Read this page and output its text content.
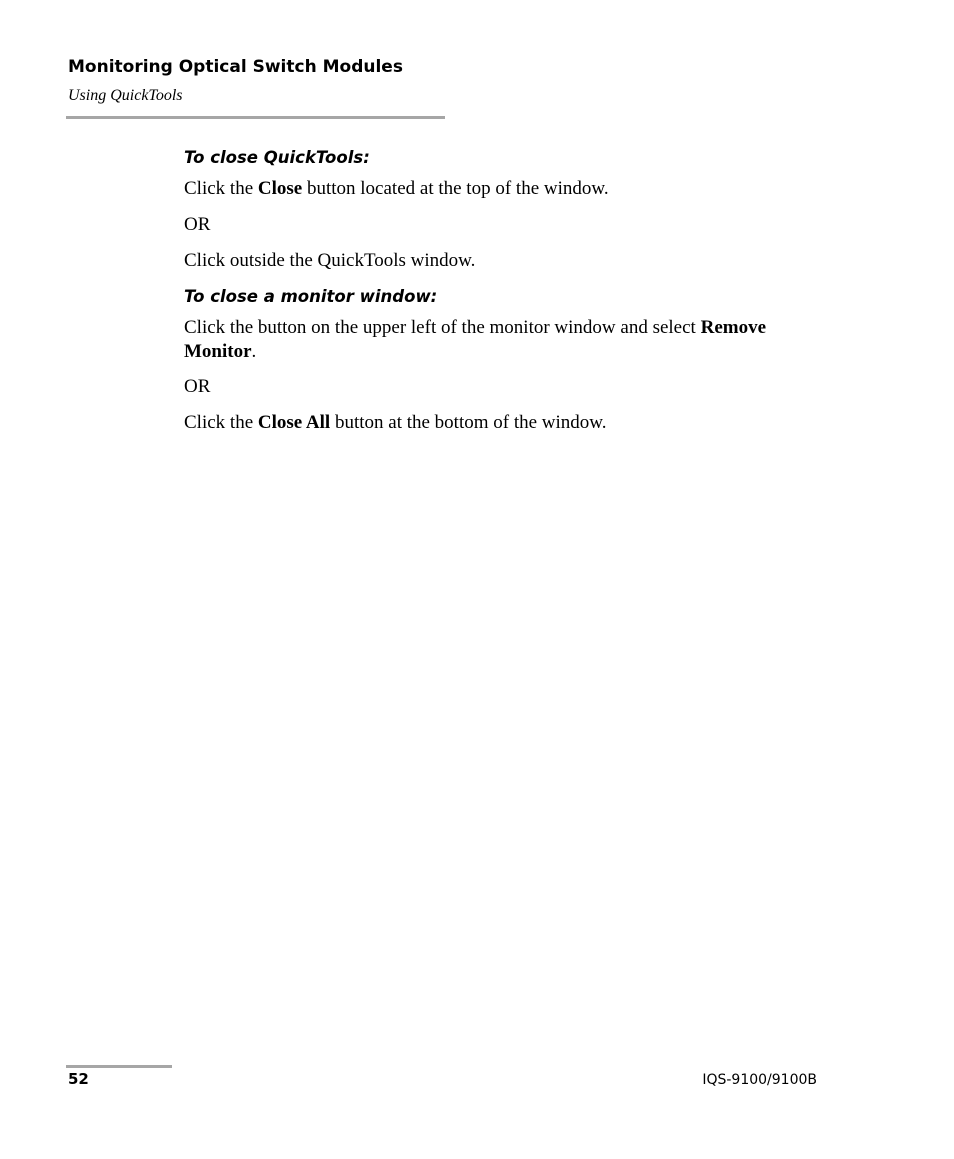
Monitoring Optical Switch Modules
Using QuickTools
To close QuickTools:
Click the Close button located at the top of the window.
OR
Click outside the QuickTools window.
To close a monitor window:
Click the button on the upper left of the monitor window and select Remove Monitor.
OR
Click the Close All button at the bottom of the window.
52	IQS-9100/9100B
